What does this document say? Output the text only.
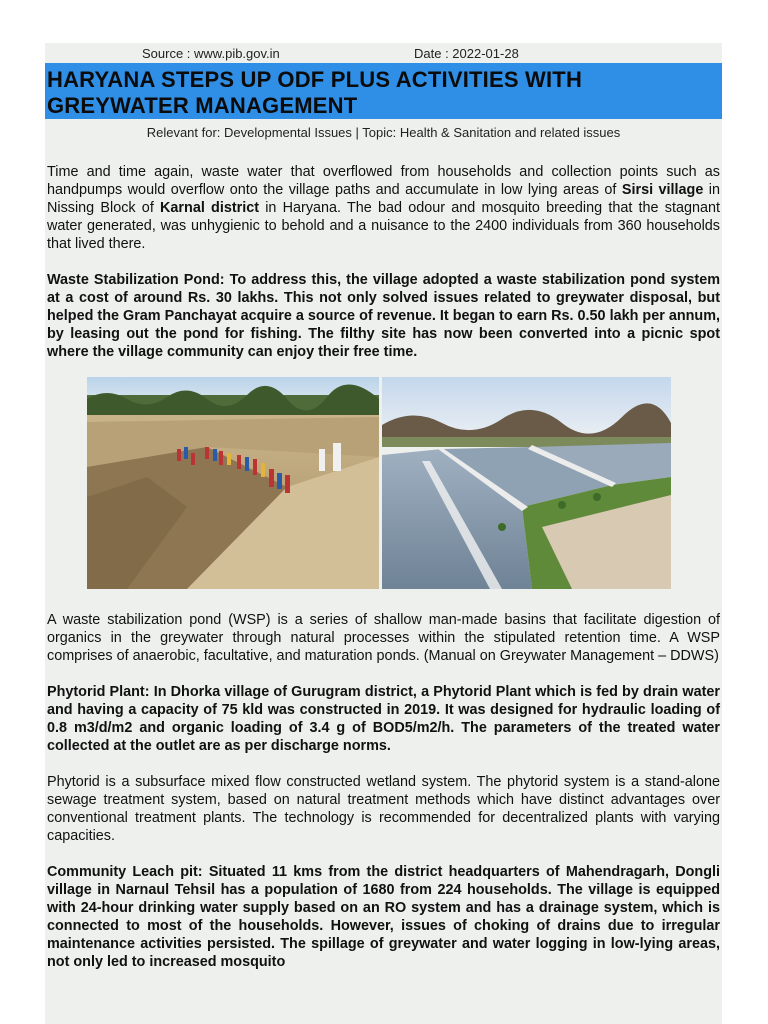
Source : www.pib.gov.in	Date : 2022-01-28
HARYANA STEPS UP ODF PLUS ACTIVITIES WITH GREYWATER MANAGEMENT
Relevant for: Developmental Issues | Topic: Health & Sanitation and related issues

Time and time again, waste water that overflowed from households and collection points such as handpumps would overflow onto the village paths and accumulate in low lying areas of Sirsi village in Nissing Block of Karnal district in Haryana. The bad odour and mosquito breeding that the stagnant water generated, was unhygienic to behold and a nuisance to the 2400 individuals from 360 households that lived there.

Waste Stabilization Pond: To address this, the village adopted a waste stabilization pond system at a cost of around Rs. 30 lakhs. This not only solved issues related to greywater disposal, but helped the Gram Panchayat acquire a source of revenue. It began to earn Rs. 0.50 lakh per annum, by leasing out the pond for fishing. The filthy site has now been converted into a picnic spot where the village community can enjoy their free time.

A waste stabilization pond (WSP) is a series of shallow man-made basins that facilitate digestion of organics in the greywater through natural processes within the stipulated retention time. A WSP comprises of anaerobic, facultative, and maturation ponds. (Manual on Greywater Management – DDWS)

Phytorid Plant: In Dhorka village of Gurugram district, a Phytorid Plant which is fed by drain water and having a capacity of 75 kld was constructed in 2019. It was designed for hydraulic loading of 0.8 m3/d/m2 and organic loading of 3.4 g of BOD5/m2/h. The parameters of the treated water collected at the outlet are as per discharge norms.

Phytorid is a subsurface mixed flow constructed wetland system. The phytorid system is a stand-alone sewage treatment system, based on natural treatment methods which have distinct advantages over conventional treatment plants. The technology is recommended for decentralized plants with varying capacities.

Community Leach pit: Situated 11 kms from the district headquarters of Mahendragarh, Dongli village in Narnaul Tehsil has a population of 1680 from 224 households. The village is equipped with 24-hour drinking water supply based on an RO system and has a drainage system, which is connected to most of the households. However, issues of choking of drains due to irregular maintenance activities persisted. The spillage of greywater and water logging in low-lying areas, not only led to increased mosquito
